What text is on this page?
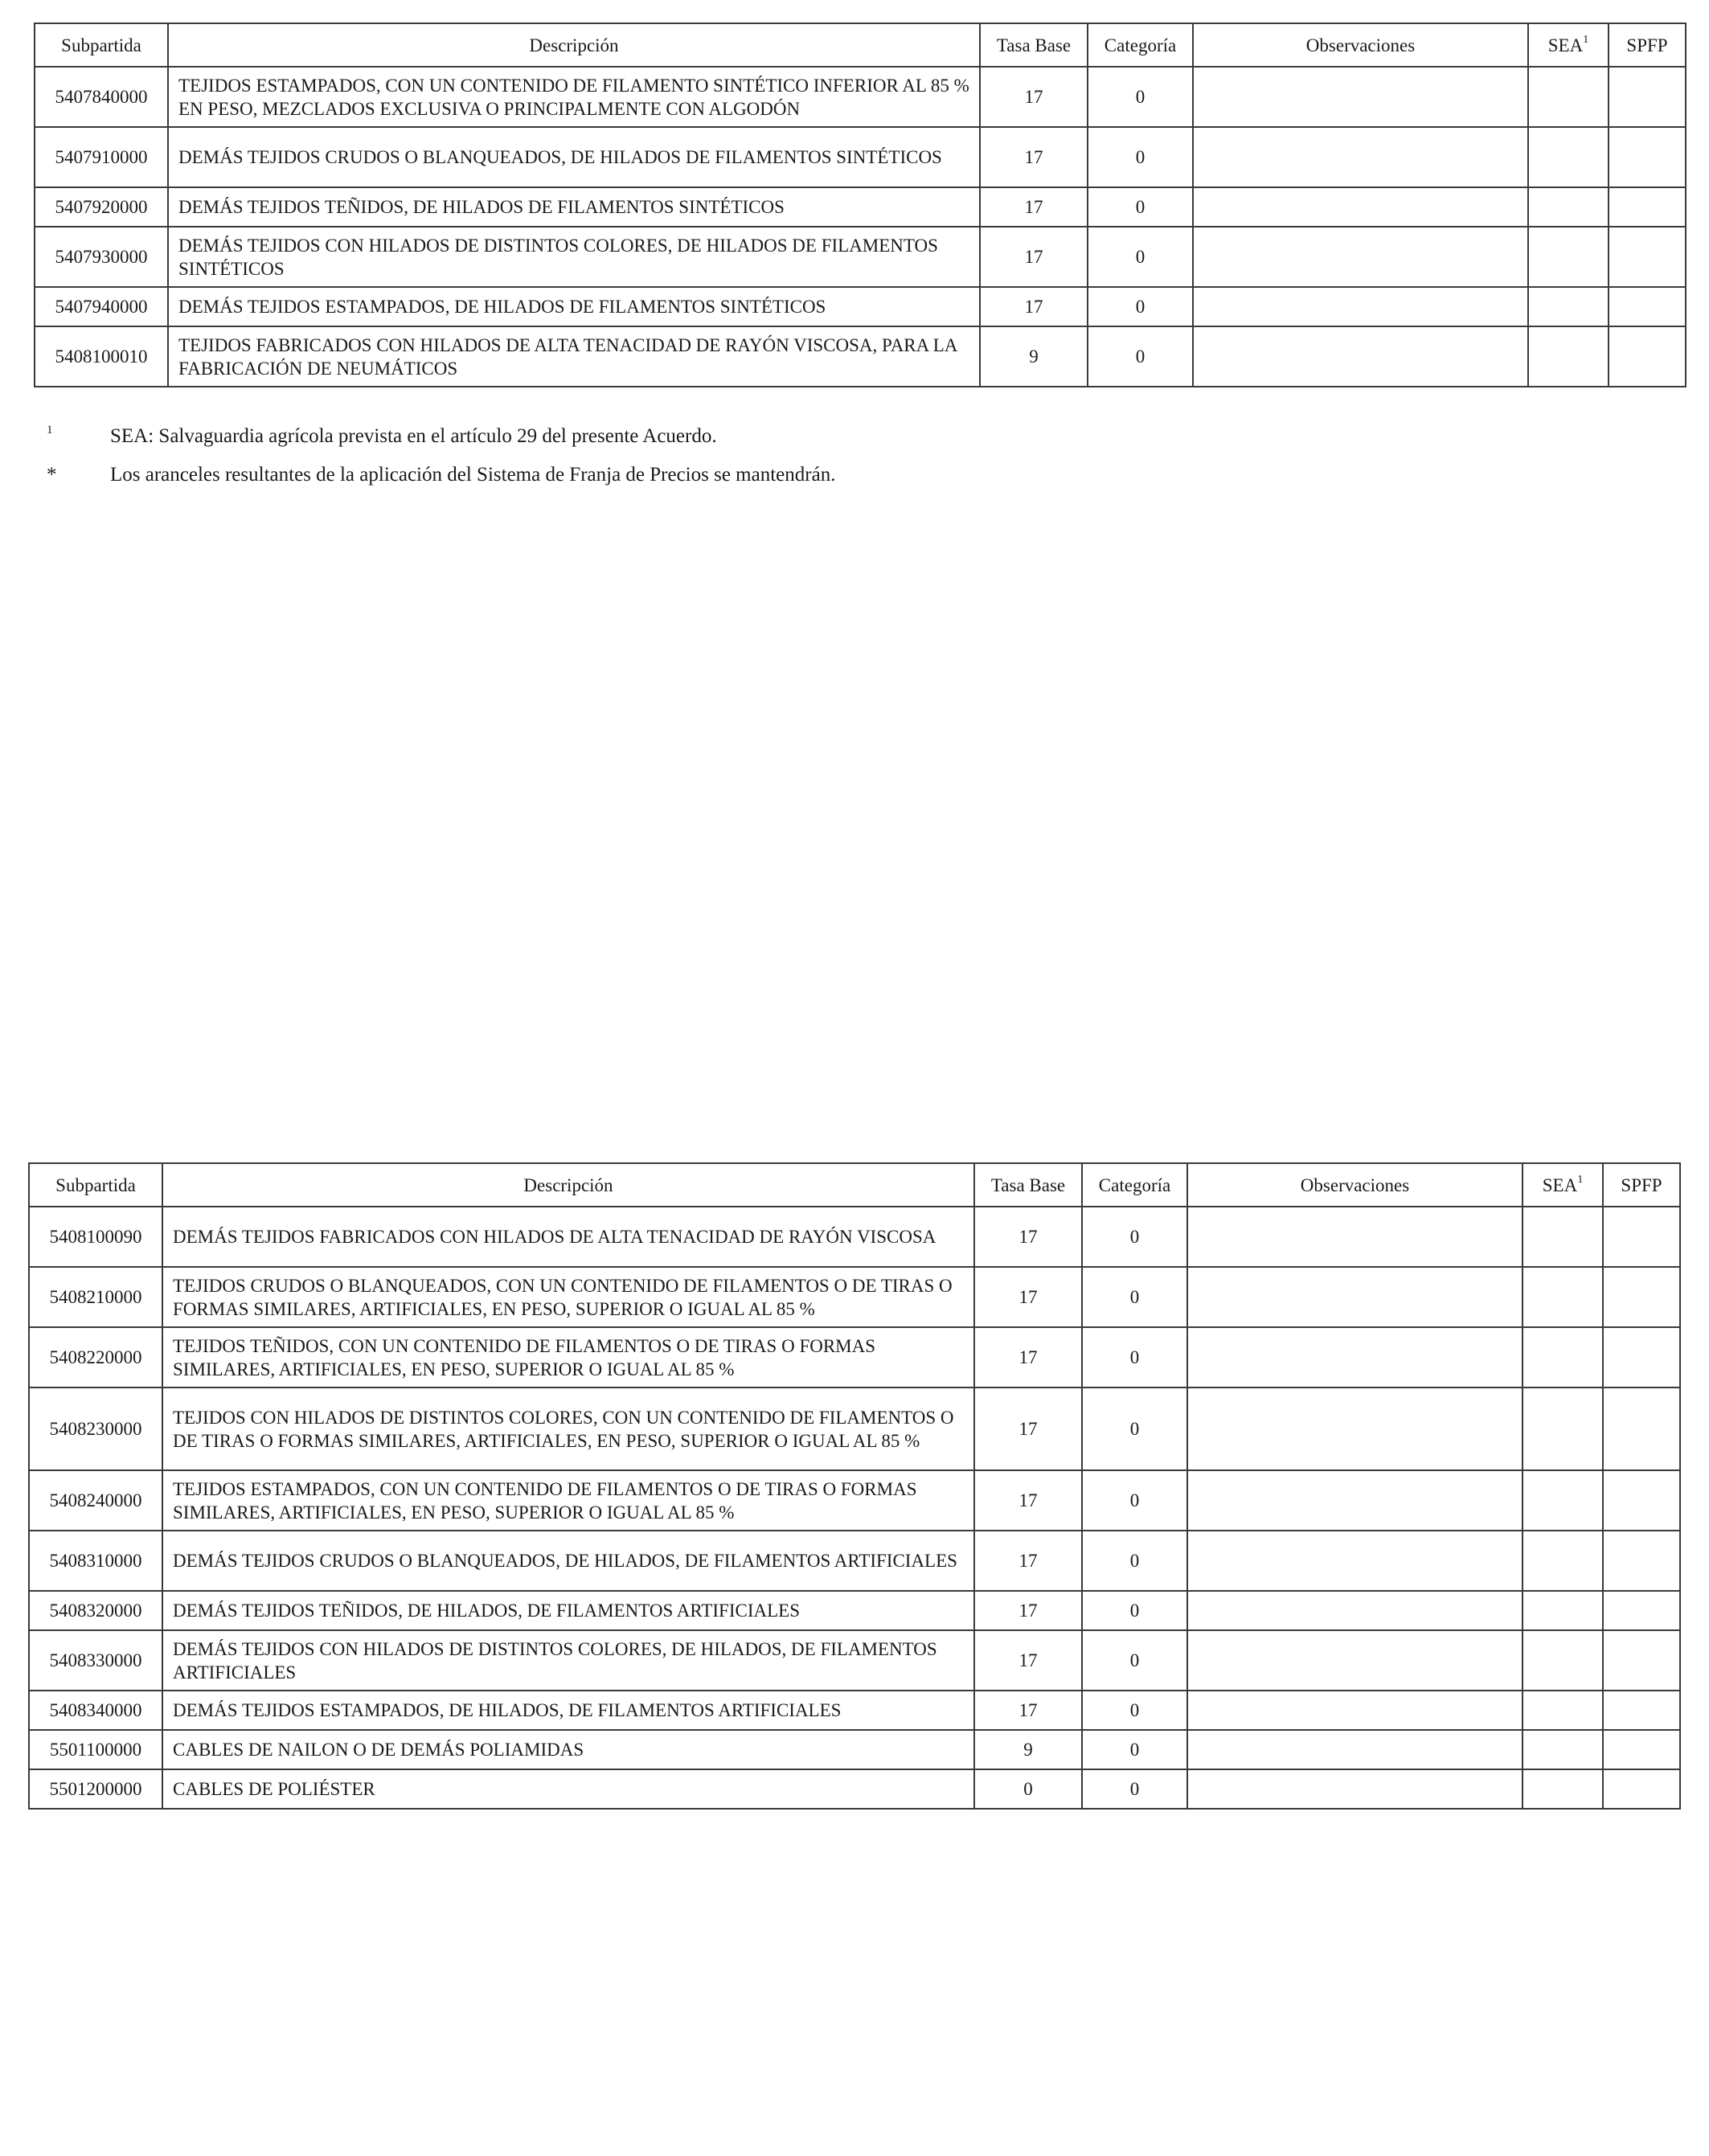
Subpartida	Descripción	Tasa Base	Categoría	Observaciones	SEA$^1$	SPFP
5407840000	TEJIDOS ESTAMPADOS, CON UN CONTENIDO DE FILAMENTO SINTÉTICO INFERIOR AL 85 % EN PESO, MEZCLADOS EXCLUSIVA O PRINCIPALMENTE CON ALGODÓN	17	0			
5407910000	DEMÁS TEJIDOS CRUDOS O BLANQUEADOS, DE HILADOS DE FILAMENTOS SINTÉTICOS	17	0			
5407920000	DEMÁS TEJIDOS TEÑIDOS, DE HILADOS DE FILAMENTOS SINTÉTICOS	17	0			
5407930000	DEMÁS TEJIDOS CON HILADOS DE DISTINTOS COLORES, DE HILADOS DE FILAMENTOS SINTÉTICOS	17	0			
5407940000	DEMÁS TEJIDOS ESTAMPADOS, DE HILADOS DE FILAMENTOS SINTÉTICOS	17	0			
5408100010	TEJIDOS FABRICADOS CON HILADOS DE ALTA TENACIDAD DE RAYÓN VISCOSA, PARA LA FABRICACIÓN DE NEUMÁTICOS	9	0			
1	SEA: Salvaguardia agrícola prevista en el artículo 29 del presente Acuerdo.
*	Los aranceles resultantes de la aplicación del Sistema de Franja de Precios se mantendrán.
Subpartida	Descripción	Tasa Base	Categoría	Observaciones	SEA$^1$	SPFP
5408100090	DEMÁS TEJIDOS FABRICADOS CON HILADOS DE ALTA TENACIDAD DE RAYÓN VISCOSA	17	0			
5408210000	TEJIDOS CRUDOS O BLANQUEADOS, CON UN CONTENIDO DE FILAMENTOS O DE TIRAS O FORMAS SIMILARES, ARTIFICIALES, EN PESO, SUPERIOR O IGUAL AL 85 %	17	0			
5408220000	TEJIDOS TEÑIDOS, CON UN CONTENIDO DE FILAMENTOS O DE TIRAS O FORMAS SIMILARES, ARTIFICIALES, EN PESO, SUPERIOR O IGUAL AL 85 %	17	0			
5408230000	TEJIDOS CON HILADOS DE DISTINTOS COLORES, CON UN CONTENIDO DE FILAMENTOS O DE TIRAS O FORMAS SIMILARES, ARTIFICIALES, EN PESO, SUPERIOR O IGUAL AL 85 %	17	0			
5408240000	TEJIDOS ESTAMPADOS, CON UN CONTENIDO DE FILAMENTOS O DE TIRAS O FORMAS SIMILARES, ARTIFICIALES, EN PESO, SUPERIOR O IGUAL AL 85 %	17	0			
5408310000	DEMÁS TEJIDOS CRUDOS O BLANQUEADOS, DE HILADOS, DE FILAMENTOS ARTIFICIALES	17	0			
5408320000	DEMÁS TEJIDOS TEÑIDOS, DE HILADOS, DE FILAMENTOS ARTIFICIALES	17	0			
5408330000	DEMÁS TEJIDOS CON HILADOS DE DISTINTOS COLORES, DE HILADOS, DE FILAMENTOS ARTIFICIALES	17	0			
5408340000	DEMÁS TEJIDOS ESTAMPADOS, DE HILADOS, DE FILAMENTOS ARTIFICIALES	17	0			
5501100000	CABLES DE NAILON O DE DEMÁS POLIAMIDAS	9	0			
5501200000	CABLES DE POLIÉSTER	0	0			
